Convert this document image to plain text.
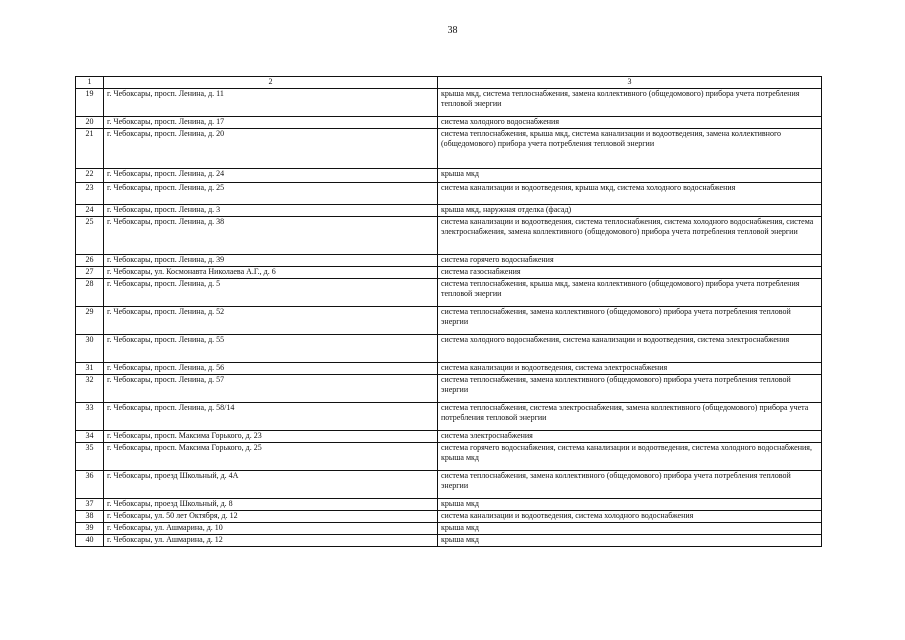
38
1	2	3
19	г. Чебоксары, просп. Ленина, д. 11	крыша мкд, система теплоснабжения, замена коллективного (общедомового) прибора учета потребления тепловой энергии
20	г. Чебоксары, просп. Ленина, д. 17	система холодного водоснабжения
21	г. Чебоксары, просп. Ленина, д. 20	система теплоснабжения, крыша мкд, система канализации и водоотведения, замена коллективного (общедомового) прибора учета потребления тепловой энергии
22	г. Чебоксары, просп. Ленина, д. 24	крыша мкд
23	г. Чебоксары, просп. Ленина, д. 25	система канализации и водоотведения, крыша мкд, система холодного водоснабжения
24	г. Чебоксары, просп. Ленина, д. 3	крыша мкд, наружная отделка (фасад)
25	г. Чебоксары, просп. Ленина, д. 38	система канализации и водоотведения, система теплоснабжения, система холодного водоснабжения, система электроснабжения, замена коллективного (общедомового) прибора учета потребления тепловой энергии
26	г. Чебоксары, просп. Ленина, д. 39	система горячего водоснабжения
27	г. Чебоксары, ул. Космонавта Николаева А.Г., д. 6	система газоснабжения
28	г. Чебоксары, просп. Ленина, д. 5	система теплоснабжения, крыша мкд, замена коллективного (общедомового) прибора учета потребления тепловой энергии
29	г. Чебоксары, просп. Ленина, д. 52	система теплоснабжения, замена коллективного (общедомового) прибора учета потребления тепловой энергии
30	г. Чебоксары, просп. Ленина, д. 55	система холодного водоснабжения, система канализации и водоотведения, система электроснабжения
31	г. Чебоксары, просп. Ленина, д. 56	система канализации и водоотведения, система электроснабжения
32	г. Чебоксары, просп. Ленина, д. 57	система теплоснабжения, замена коллективного (общедомового) прибора учета потребления тепловой энергии
33	г. Чебоксары, просп. Ленина, д. 58/14	система теплоснабжения, система электроснабжения, замена коллективного (общедомового) прибора учета потребления тепловой энергии
34	г. Чебоксары, просп. Максима Горького, д. 23	система электроснабжения
35	г. Чебоксары, просп. Максима Горького, д. 25	система горячего водоснабжения, система канализации и водоотведения, система холодного водоснабжения, крыша мкд
36	г. Чебоксары, проезд Школьный, д. 4А	система теплоснабжения, замена коллективного (общедомового) прибора учета потребления тепловой энергии
37	г. Чебоксары, проезд Школьный, д. 8	крыша мкд
38	г. Чебоксары, ул. 50 лет Октября, д. 12	система канализации и водоотведения, система холодного водоснабжения
39	г. Чебоксары, ул. Ашмарина, д. 10	крыша мкд
40	г. Чебоксары, ул. Ашмарина, д. 12	крыша мкд
